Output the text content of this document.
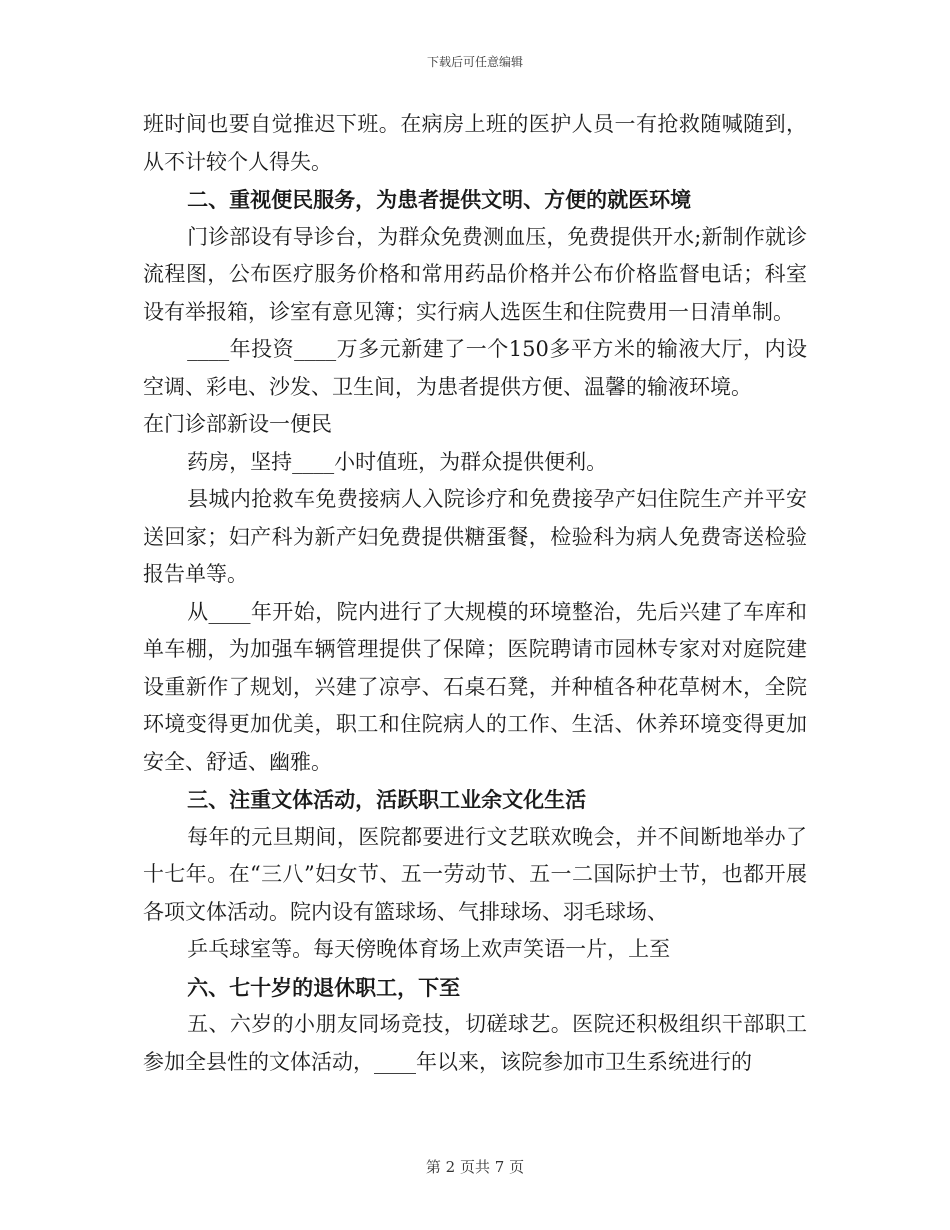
下载后可任意编辑

班时间也要自觉推迟下班。在病房上班的医护人员一有抢救随喊随到，从不计较个人得失。

二、重视便民服务，为患者提供文明、方便的就医环境

门诊部设有导诊台，为群众免费测血压，免费提供开水;新制作就诊流程图，公布医疗服务价格和常用药品价格并公布价格监督电话；科室设有举报箱，诊室有意见簿；实行病人选医生和住院费用一日清单制。

____年投资____万多元新建了一个150多平方米的输液大厅，内设空调、彩电、沙发、卫生间，为患者提供方便、温馨的输液环境。

在门诊部新设一便民

药房，坚持____小时值班，为群众提供便利。

县城内抢救车免费接病人入院诊疗和免费接孕产妇住院生产并平安送回家；妇产科为新产妇免费提供糖蛋餐，检验科为病人免费寄送检验报告单等。

从____年开始，院内进行了大规模的环境整治，先后兴建了车库和单车棚，为加强车辆管理提供了保障；医院聘请市园林专家对对庭院建设重新作了规划，兴建了凉亭、石桌石凳，并种植各种花草树木，全院环境变得更加优美，职工和住院病人的工作、生活、休养环境变得更加安全、舒适、幽雅。

三、注重文体活动，活跃职工业余文化生活

每年的元旦期间，医院都要进行文艺联欢晚会，并不间断地举办了十七年。在“三八”妇女节、五一劳动节、五一二国际护士节，也都开展各项文体活动。院内设有篮球场、气排球场、羽毛球场、

乒乓球室等。每天傍晚体育场上欢声笑语一片，上至

六、七十岁的退休职工，下至

五、六岁的小朋友同场竞技，切磋球艺。医院还积极组织干部职工参加全县性的文体活动，____年以来，该院参加市卫生系统进行的

第 2 页共 7 页
